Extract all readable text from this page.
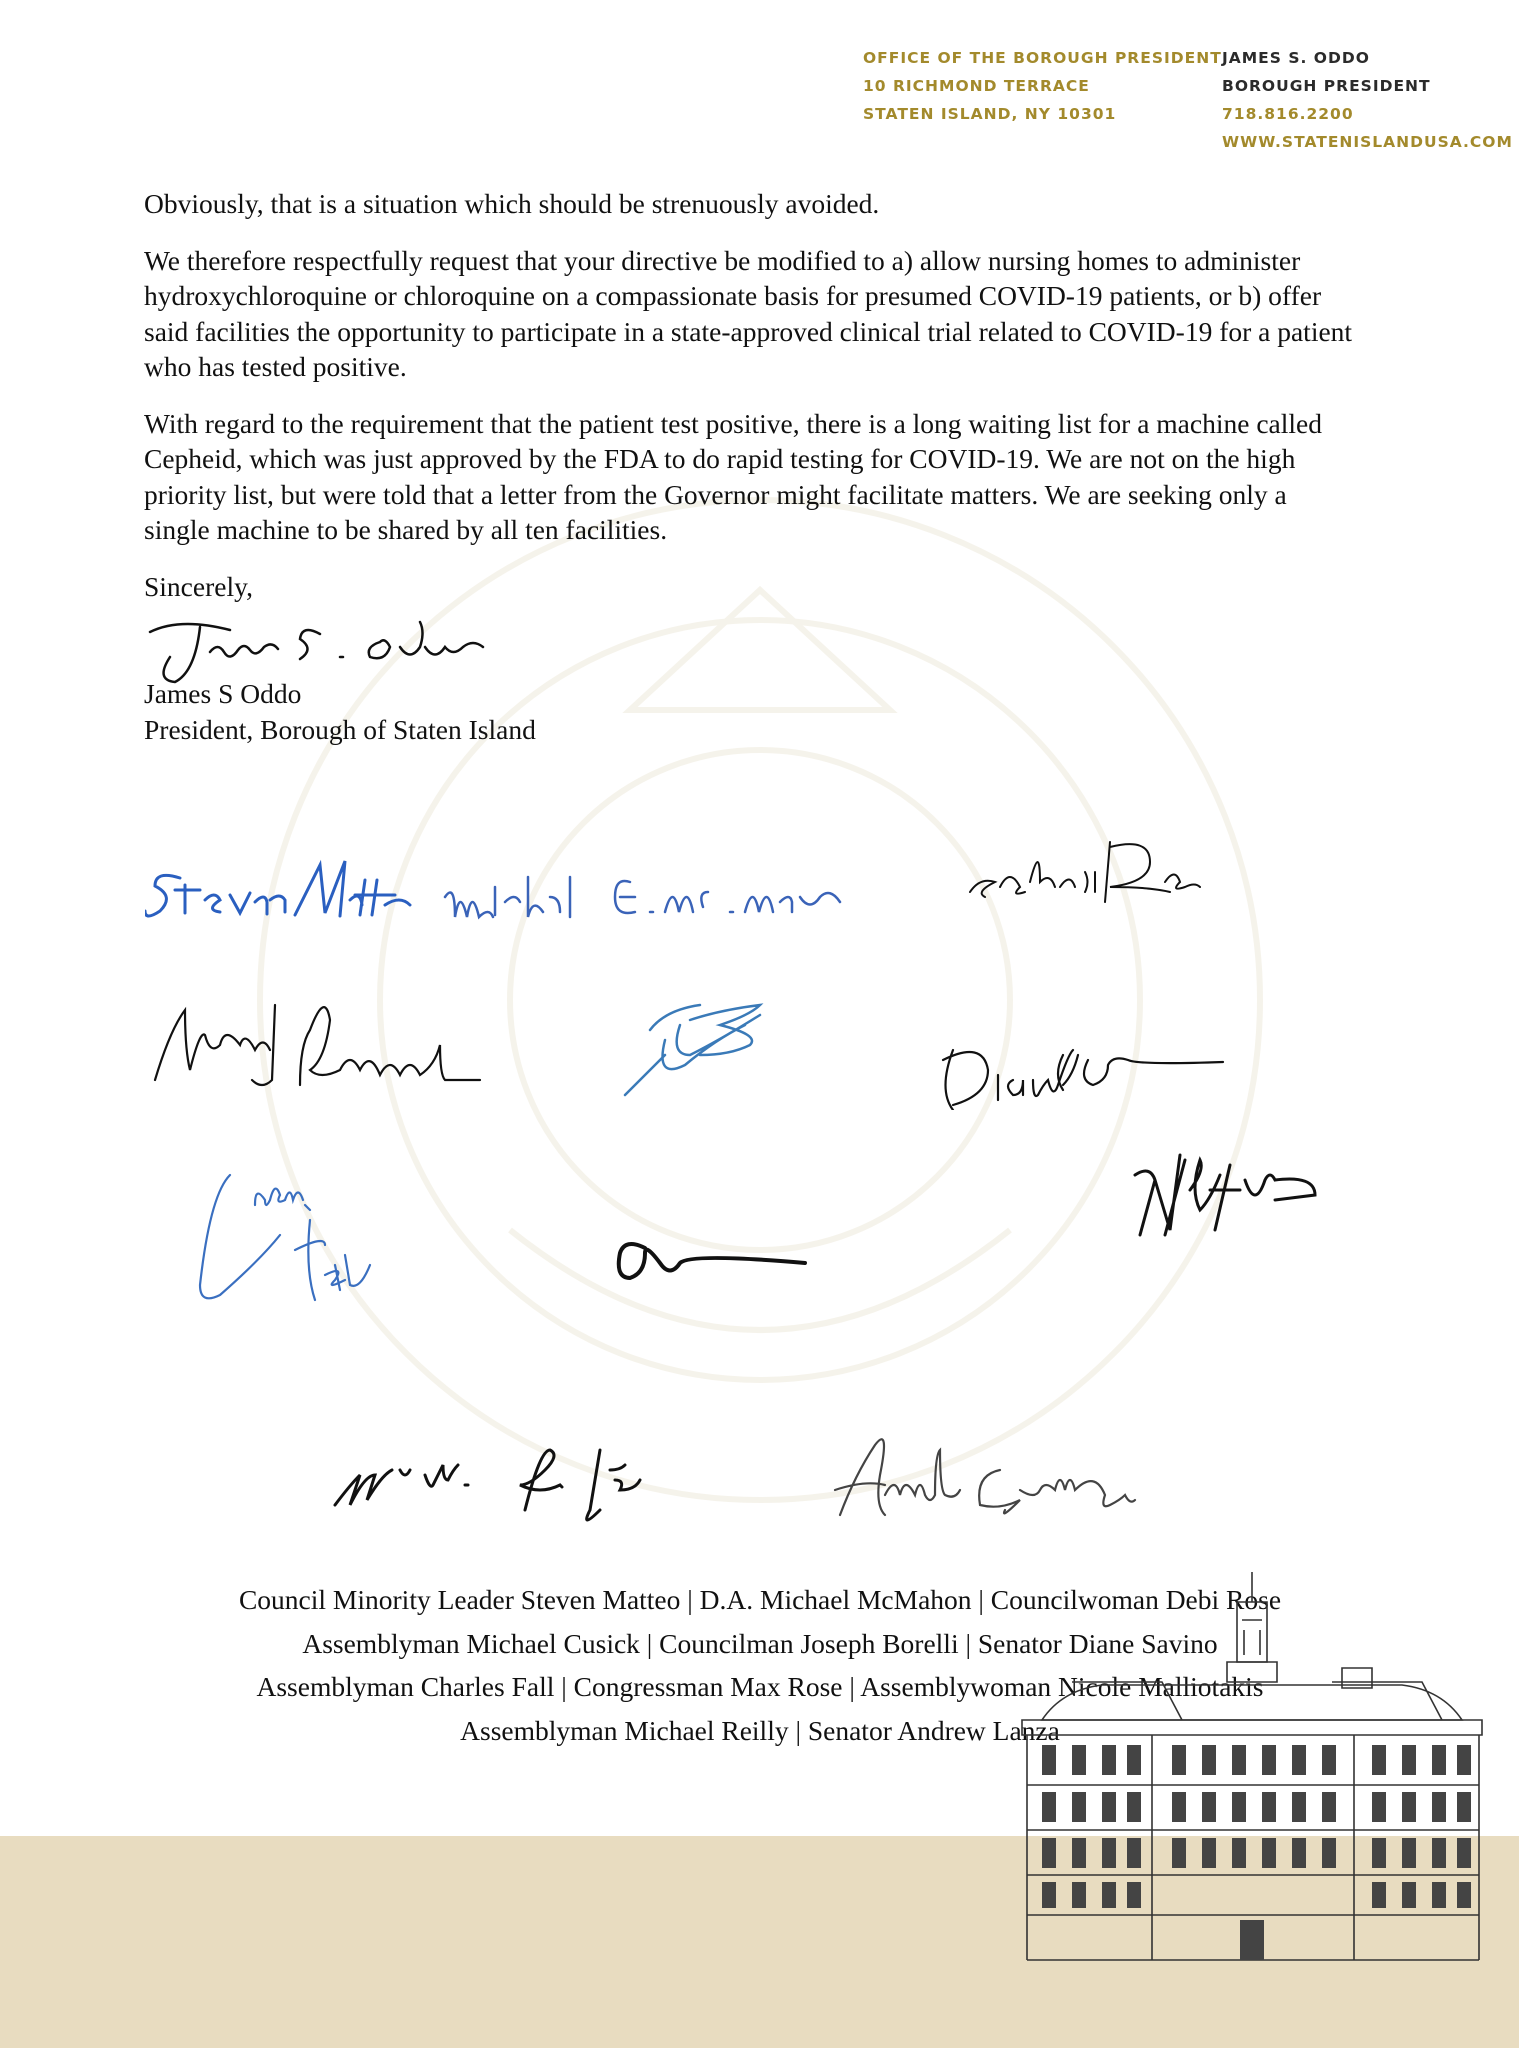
OFFICE OF THE BOROUGH PRESIDENT
10 RICHMOND TERRACE
STATEN ISLAND, NY 10301
JAMES S. ODDO
BOROUGH PRESIDENT
718.816.2200
WWW.STATENISLANDUSA.COM

Obviously, that is a situation which should be strenuously avoided.

We therefore respectfully request that your directive be modified to a) allow nursing homes to administer hydroxychloroquine or chloroquine on a compassionate basis for presumed COVID-19 patients, or b) offer said facilities the opportunity to participate in a state-approved clinical trial related to COVID-19 for a patient who has tested positive.

With regard to the requirement that the patient test positive, there is a long waiting list for a machine called Cepheid, which was just approved by the FDA to do rapid testing for COVID-19. We are not on the high priority list, but were told that a letter from the Governor might facilitate matters. We are seeking only a single machine to be shared by all ten facilities.

Sincerely,

James S Oddo
President, Borough of Staten Island
Council Minority Leader Steven Matteo | D.A. Michael McMahon | Councilwoman Debi Rose
Assemblyman Michael Cusick | Councilman Joseph Borelli | Senator Diane Savino
Assemblyman Charles Fall | Congressman Max Rose | Assemblywoman Nicole Malliotakis
Assemblyman Michael Reilly | Senator Andrew Lanza
